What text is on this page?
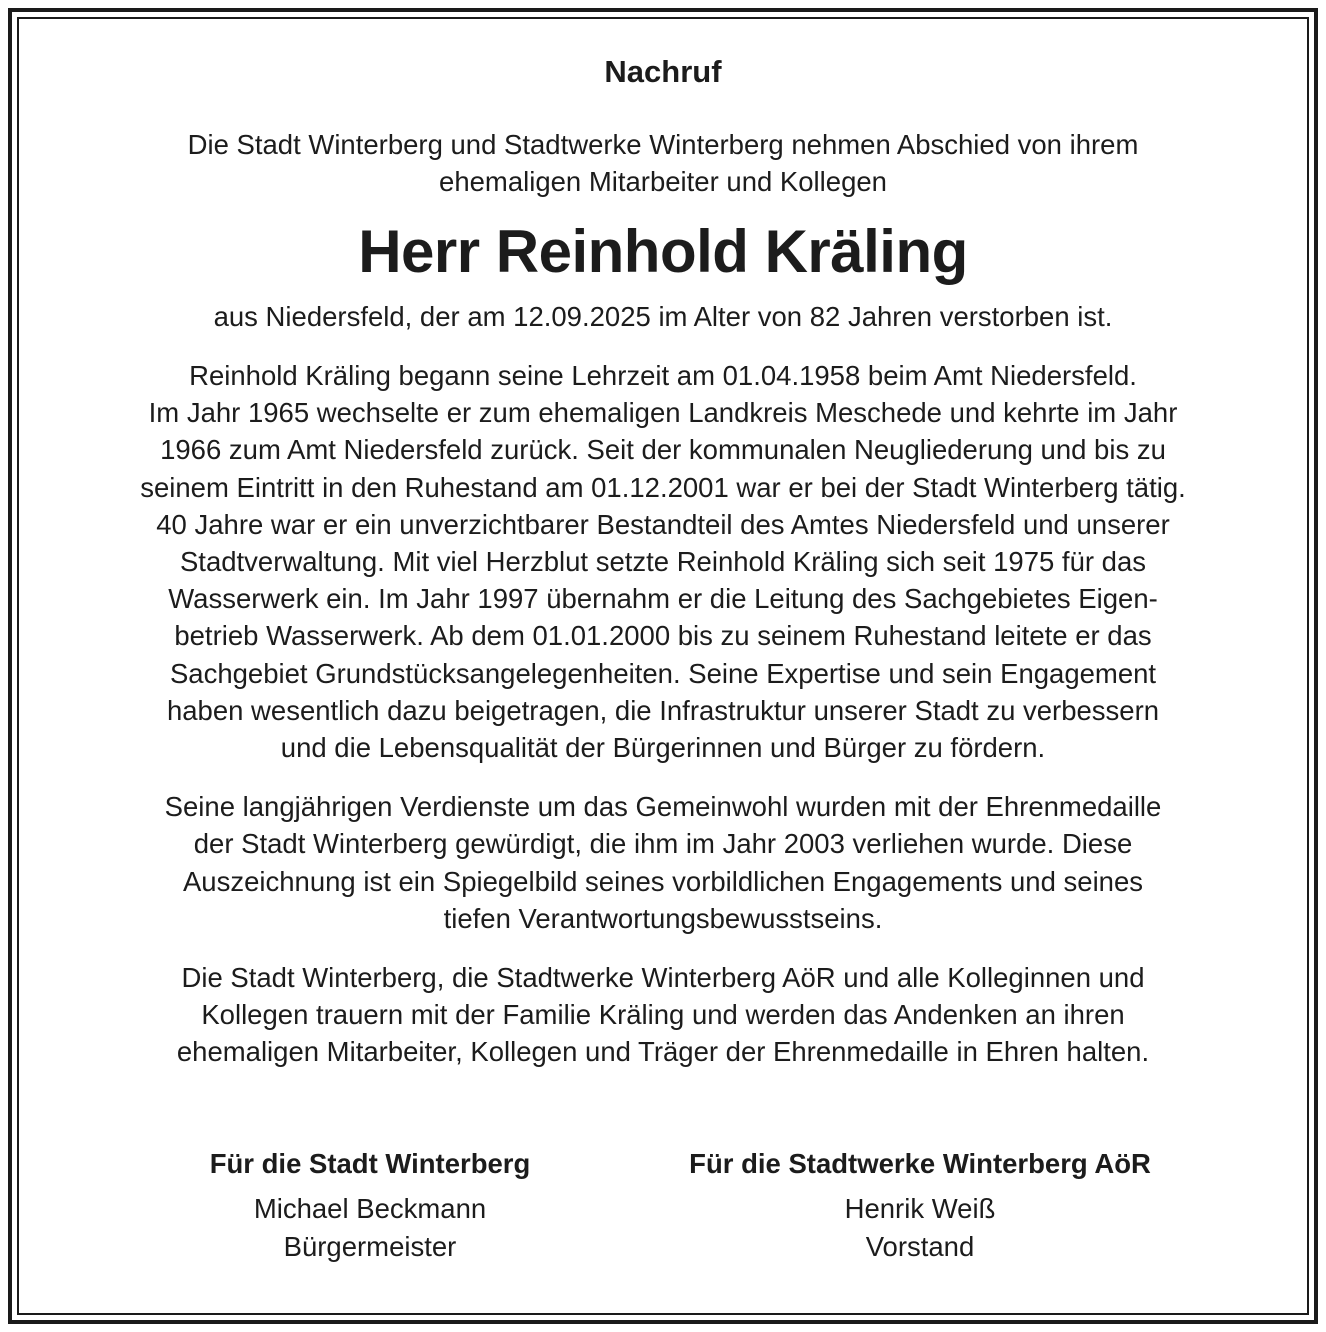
Nachruf
Die Stadt Winterberg und Stadtwerke Winterberg nehmen Abschied von ihrem
ehemaligen Mitarbeiter und Kollegen
Herr Reinhold Kräling
aus Niedersfeld, der am 12.09.2025 im Alter von 82 Jahren verstorben ist.
Reinhold Kräling begann seine Lehrzeit am 01.04.1958 beim Amt Niedersfeld.
Im Jahr 1965 wechselte er zum ehemaligen Landkreis Meschede und kehrte im Jahr
1966 zum Amt Niedersfeld zurück. Seit der kommunalen Neugliederung und bis zu
seinem Eintritt in den Ruhestand am 01.12.2001 war er bei der Stadt Winterberg tätig.
40 Jahre war er ein unverzichtbarer Bestandteil des Amtes Niedersfeld und unserer
Stadtverwaltung. Mit viel Herzblut setzte Reinhold Kräling sich seit 1975 für das
Wasserwerk ein. Im Jahr 1997 übernahm er die Leitung des Sachgebietes Eigen-
betrieb Wasserwerk. Ab dem 01.01.2000 bis zu seinem Ruhestand leitete er das
Sachgebiet Grundstücksangelegenheiten. Seine Expertise und sein Engagement
haben wesentlich dazu beigetragen, die Infrastruktur unserer Stadt zu verbessern
und die Lebensqualität der Bürgerinnen und Bürger zu fördern.
Seine langjährigen Verdienste um das Gemeinwohl wurden mit der Ehrenmedaille
der Stadt Winterberg gewürdigt, die ihm im Jahr 2003 verliehen wurde. Diese
Auszeichnung ist ein Spiegelbild seines vorbildlichen Engagements und seines
tiefen Verantwortungsbewusstseins.
Die Stadt Winterberg, die Stadtwerke Winterberg AöR und alle Kolleginnen und
Kollegen trauern mit der Familie Kräling und werden das Andenken an ihren
ehemaligen Mitarbeiter, Kollegen und Träger der Ehrenmedaille in Ehren halten.
Für die Stadt Winterberg
Michael Beckmann
Bürgermeister
Für die Stadtwerke Winterberg AöR
Henrik Weiß
Vorstand
